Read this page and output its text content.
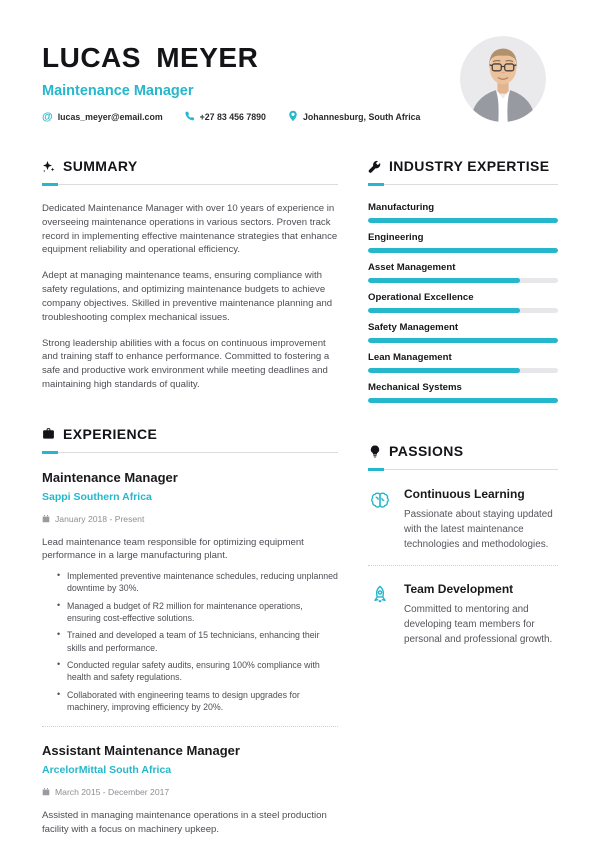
LUCAS MEYER
Maintenance Manager
@
lucas_meyer@email.com	+27 83 456 7890	Johannesburg, South Africa
SUMMARY

Dedicated Maintenance Manager with over 10 years of experience in overseeing maintenance operations in various sectors. Proven track record in implementing effective maintenance strategies that enhance equipment reliability and operational efficiency.

Adept at managing maintenance teams, ensuring compliance with safety regulations, and optimizing maintenance budgets to achieve company objectives. Skilled in preventive maintenance planning and troubleshooting complex mechanical issues.

Strong leadership abilities with a focus on continuous improvement and training staff to enhance performance. Committed to fostering a safe and productive work environment while meeting deadlines and maintaining high standards of quality.

EXPERIENCE
Maintenance Manager
Sappi Southern Africa
January 2018 - Present

Lead maintenance team responsible for optimizing equipment performance in a large manufacturing plant.

• Implemented preventive maintenance schedules, reducing unplanned downtime by 30%.
• Managed a budget of R2 million for maintenance operations, ensuring cost-effective solutions.
• Trained and developed a team of 15 technicians, enhancing their skills and performance.
• Conducted regular safety audits, ensuring 100% compliance with health and safety regulations.
• Collaborated with engineering teams to design upgrades for machinery, improving efficiency by 20%.
Assistant Maintenance Manager
ArcelorMittal South Africa
March 2015 - December 2017

Assisted in managing maintenance operations in a steel production facility with a focus on machinery upkeep.

INDUSTRY EXPERTISE
Manufacturing
Engineering
Asset Management
Operational Excellence
Safety Management
Lean Management
Mechanical Systems
PASSIONS
Continuous Learning

Passionate about staying updated with the latest maintenance technologies and methodologies.

Team Development

Committed to mentoring and developing team members for personal and professional growth.
